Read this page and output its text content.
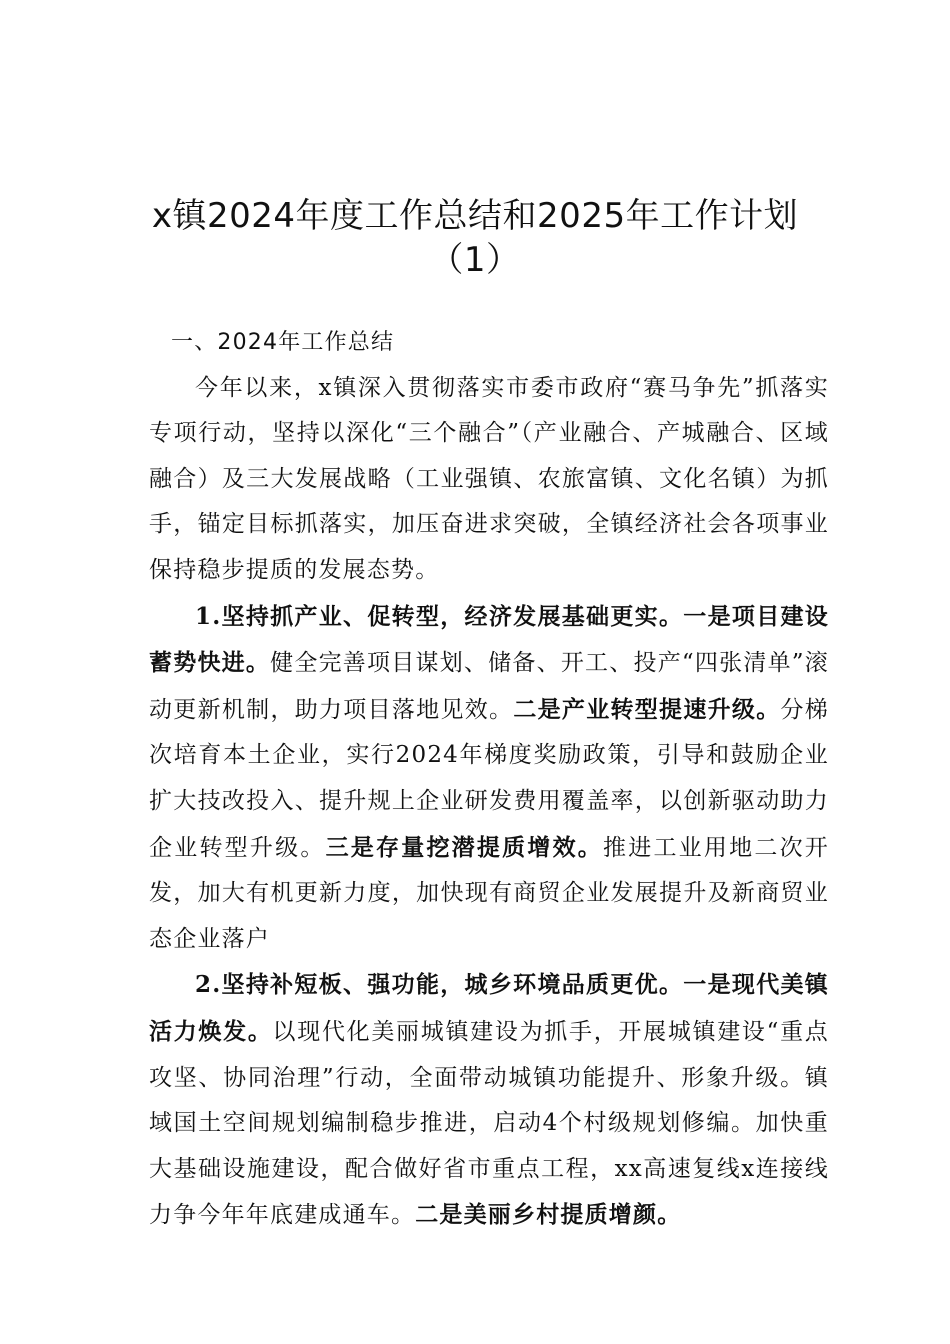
x镇2024年度工作总结和2025年工作计划
（1）

一、2024年工作总结

今年以来，x镇深入贯彻落实市委市政府“赛马争先”抓落实专项行动，坚持以深化“三个融合”（产业融合、产城融合、区域融合）及三大发展战略（工业强镇、农旅富镇、文化名镇）为抓手，锚定目标抓落实，加压奋进求突破，全镇经济社会各项事业保持稳步提质的发展态势。

1.坚持抓产业、促转型，经济发展基础更实。一是项目建设蓄势快进。健全完善项目谋划、储备、开工、投产“四张清单”滚动更新机制，助力项目落地见效。二是产业转型提速升级。分梯次培育本土企业，实行2024年梯度奖励政策，引导和鼓励企业扩大技改投入、提升规上企业研发费用覆盖率，以创新驱动助力企业转型升级。三是存量挖潜提质增效。推进工业用地二次开发，加大有机更新力度，加快现有商贸企业发展提升及新商贸业态企业落户

2.坚持补短板、强功能，城乡环境品质更优。一是现代美镇活力焕发。以现代化美丽城镇建设为抓手，开展城镇建设“重点攻坚、协同治理”行动，全面带动城镇功能提升、形象升级。镇域国土空间规划编制稳步推进，启动4个村级规划修编。加快重大基础设施建设，配合做好省市重点工程，xx高速复线x连接线力争今年年底建成通车。二是美丽乡村提质增颜。
